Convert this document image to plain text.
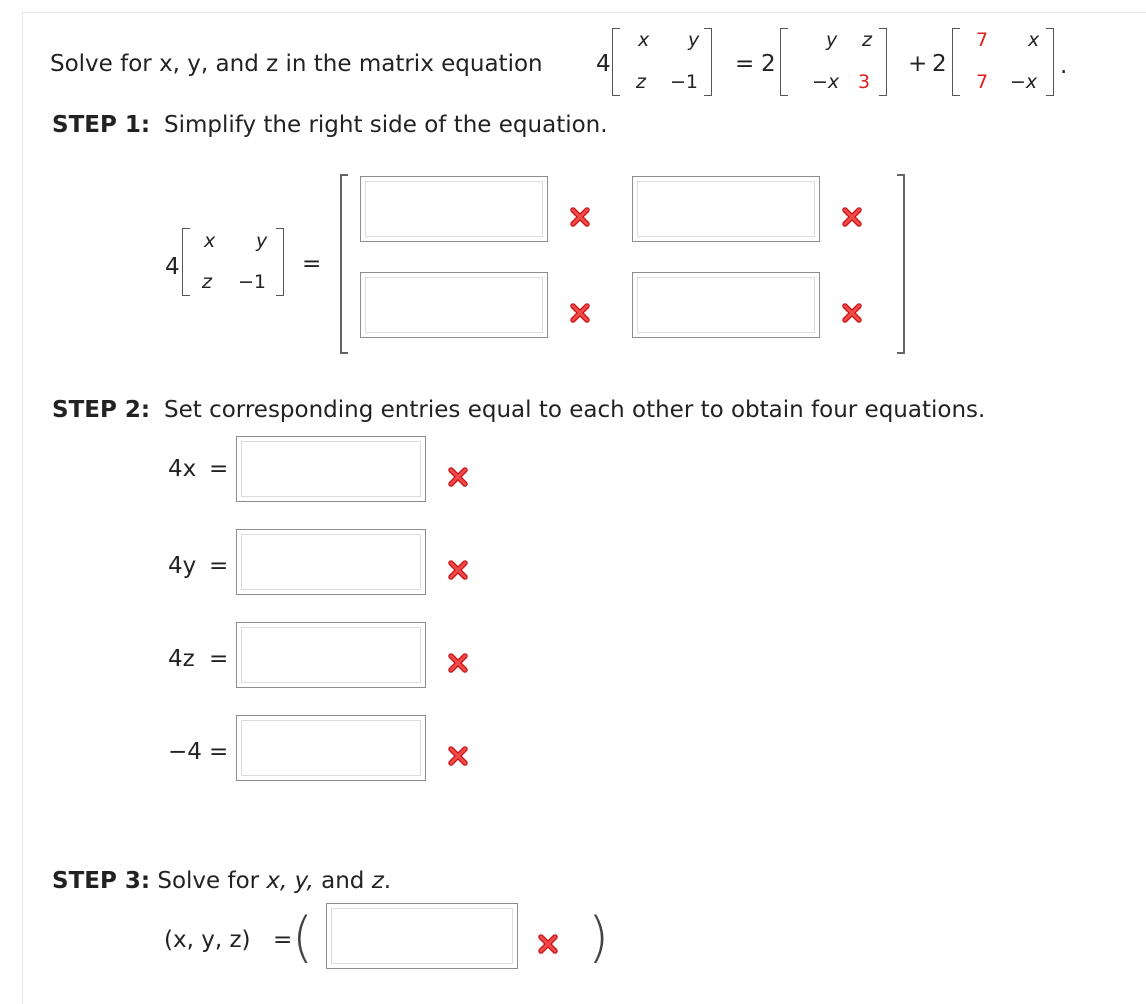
Solve for x, y, and z in the matrix equation 4
x y
z −1
= 2
y z
−x 3
+ 2
7 x
7 −x
.
STEP 1: Simplify the right side of the equation.
4
x y
z −1
=
STEP 2: Set corresponding entries equal to each other to obtain four equations.
4x =
4y =
4z =
−4 =
STEP 3: Solve for x, y, and z.
(x, y, z) = (	)
